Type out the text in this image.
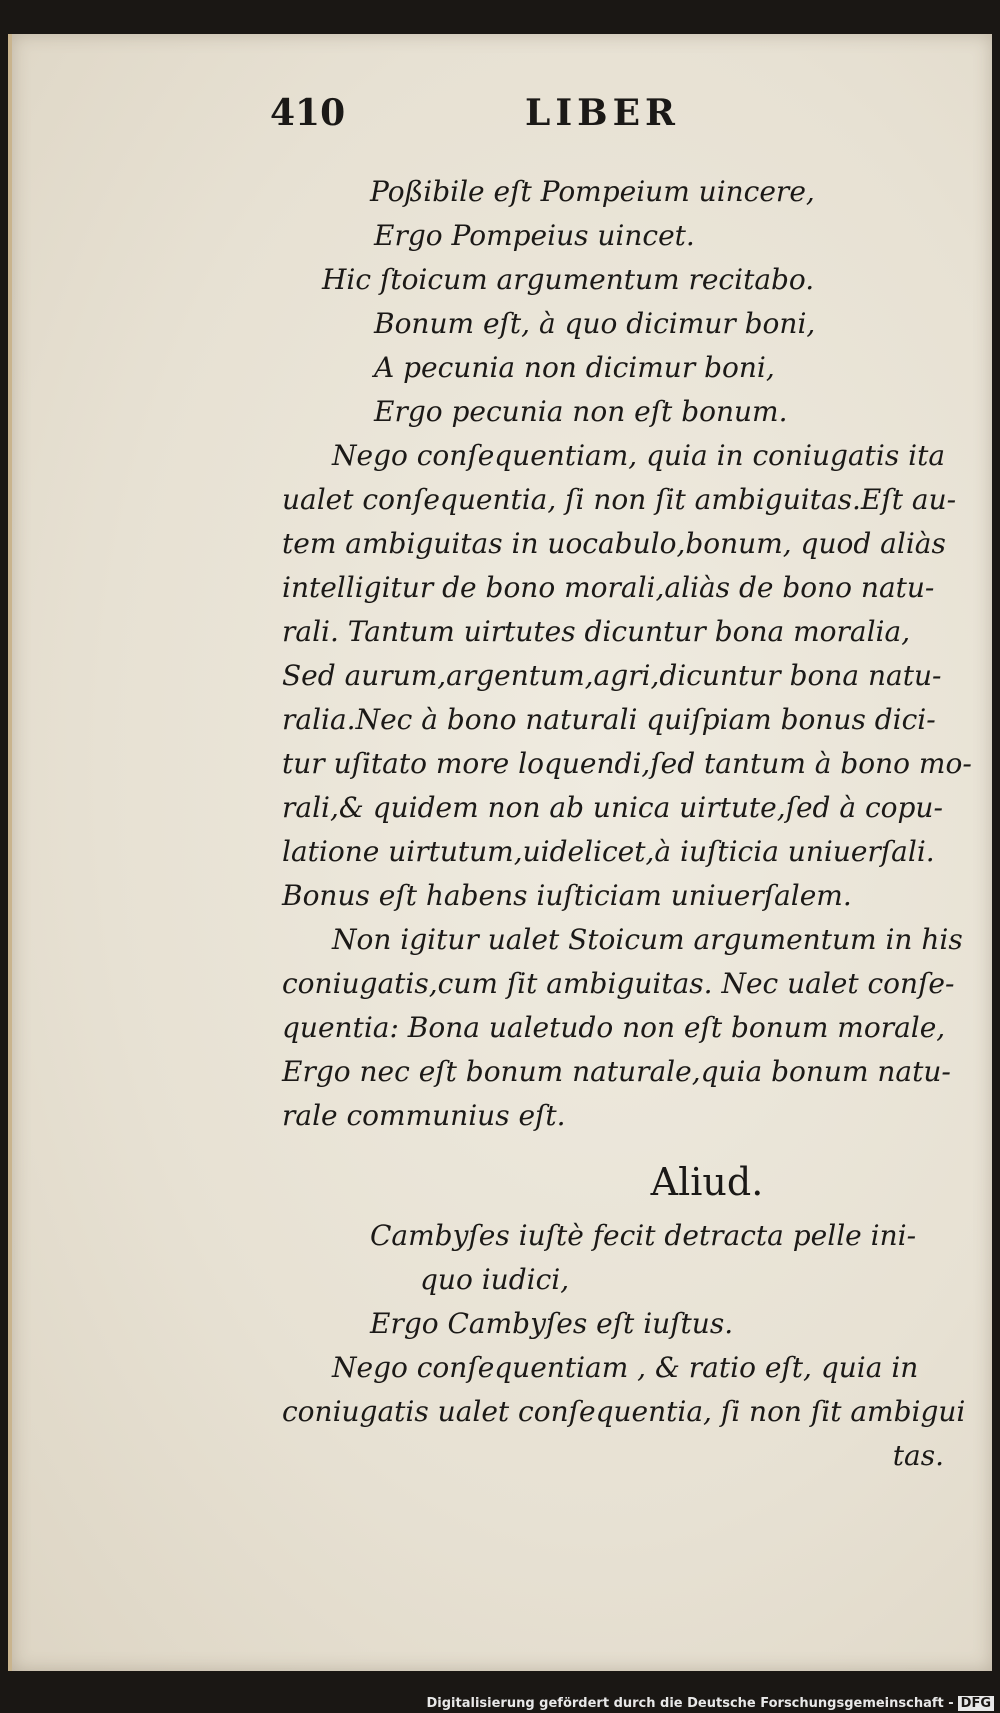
410	LIBER
Poßibile eſt Pompeium uincere,
Ergo Pompeius uincet.
Hic ſtoicum argumentum recitabo.
Bonum eſt, à quo dicimur boni,
A pecunia non dicimur boni,
Ergo pecunia non eſt bonum.
Nego conſequentiam, quia in coniugatis ita
ualet conſequentia, ſi non ſit ambiguitas.Eſt au-
tem ambiguitas in uocabulo,bonum, quod aliàs
intelligitur de bono morali,aliàs de bono natu-
rali. Tantum uirtutes dicuntur bona moralia,
Sed aurum,argentum,agri,dicuntur bona natu-
ralia.Nec à bono naturali quiſpiam bonus dici-
tur uſitato more loquendi,ſed tantum à bono mo-
rali,& quidem non ab unica uirtute,ſed à copu-
latione uirtutum,uidelicet,à iuſticia uniuerſali.
Bonus eſt habens iuſticiam uniuerſalem.
Non igitur ualet Stoicum argumentum in his
coniugatis,cum ſit ambiguitas. Nec ualet conſe-
quentia: Bona ualetudo non eſt bonum morale,
Ergo nec eſt bonum naturale,quia bonum natu-
rale communius eſt.
Aliud.
Cambyſes iuſtè fecit detracta pelle ini-
quo iudici,
Ergo Cambyſes eſt iuſtus.
Nego conſequentiam , & ratio eſt, quia in
coniugatis ualet conſequentia, ſi non ſit ambigui
tas.
Digitalisierung gefördert durch die Deutsche Forschungsgemeinschaft - DFG
